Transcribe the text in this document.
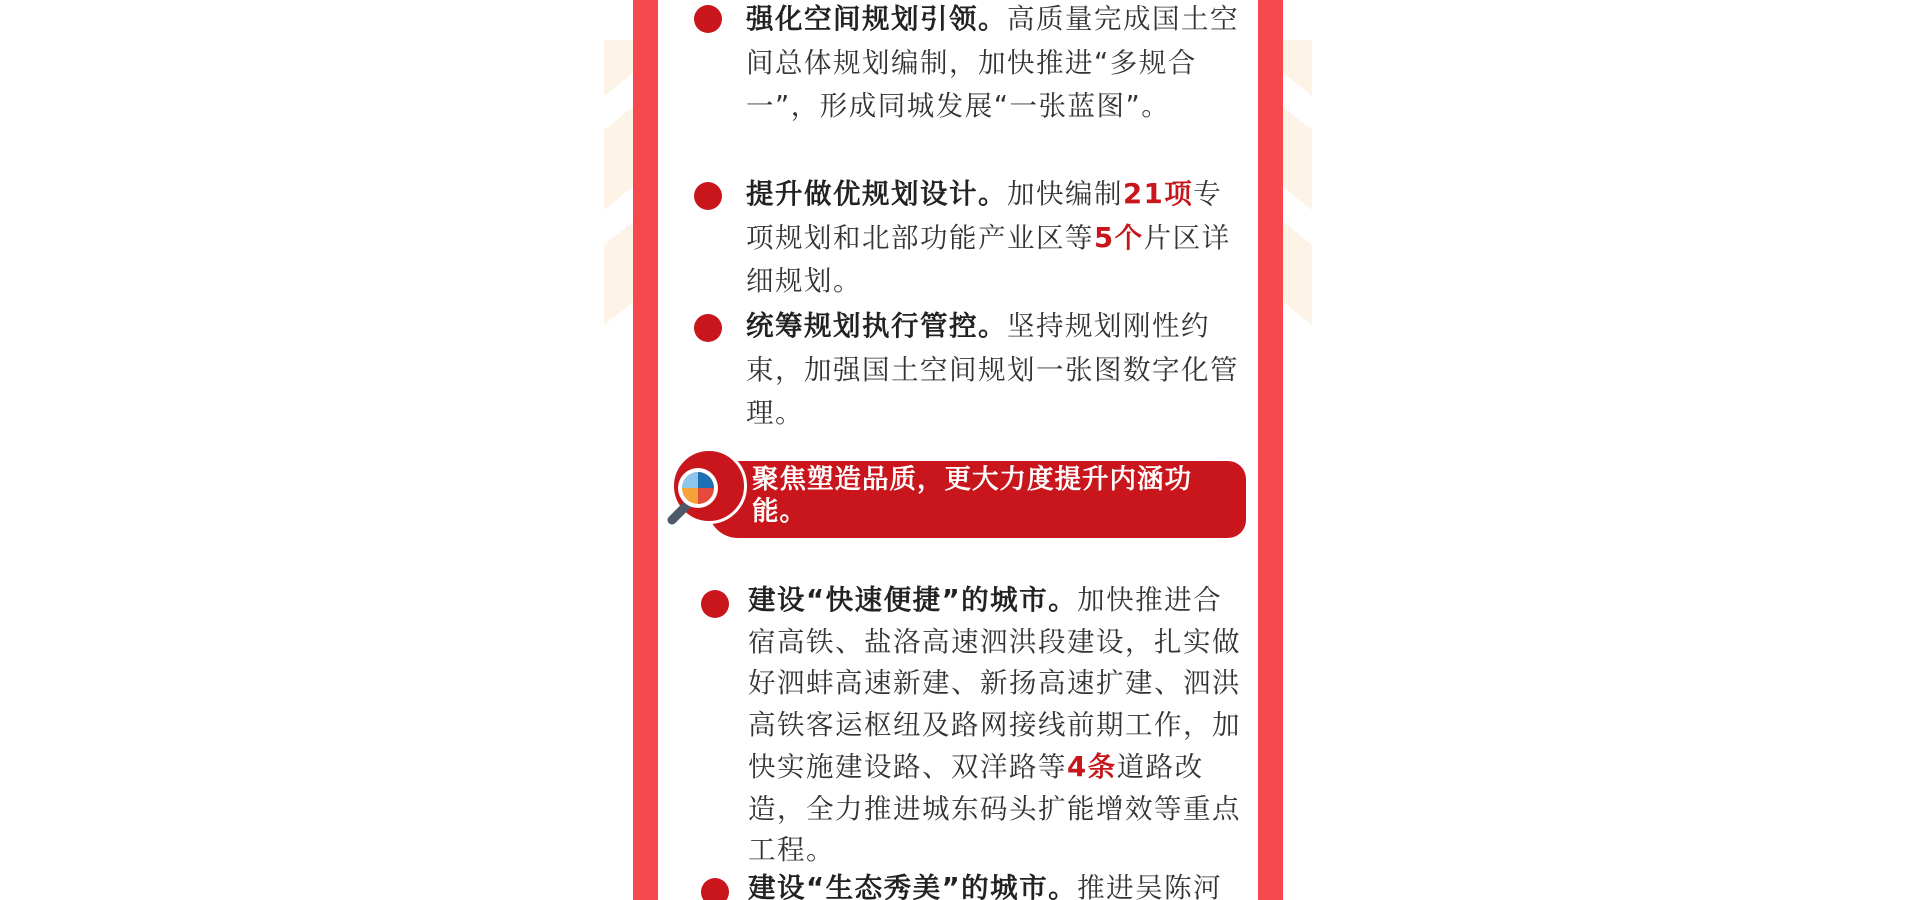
强化空间规划引领。高质量完成国土空间总体规划编制，加快推进“多规合一”，形成同城发展“一张蓝图”。

提升做优规划设计。加快编制21项专项规划和北部功能产业区等5个片区详细规划。

统筹规划执行管控。坚持规划刚性约束，加强国土空间规划一张图数字化管理。

聚焦塑造品质，更大力度提升内涵功能。

建设“快速便捷”的城市。加快推进合宿高铁、盐洛高速泗洪段建设，扎实做好泗蚌高速新建、新扬高速扩建、泗洪高铁客运枢纽及路网接线前期工作，加快实施建设路、双洋路等4条道路改造，全力推进城东码头扩能增效等重点工程。

建设“生态秀美”的城市。推进吴陈河
